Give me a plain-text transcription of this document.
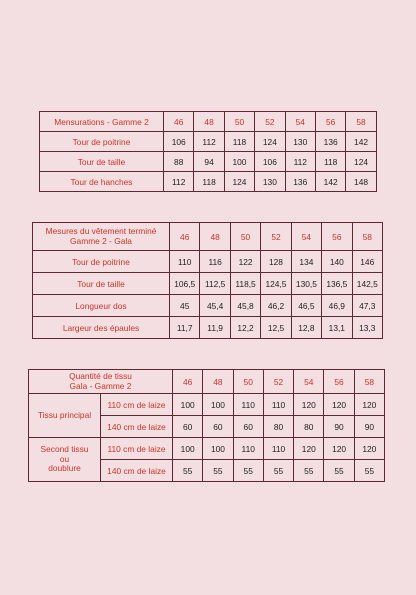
Mensurations - Gamme 2	46	48	50	52	54	56	58
Tour de poitrine	106	112	118	124	130	136	142
Tour de taille	88	94	100	106	112	118	124
Tour de hanches	112	118	124	130	136	142	148
Mesures du vêtement terminé
Gamme 2 - Gala	46	48	50	52	54	56	58
Tour de poitrine	110	116	122	128	134	140	146
Tour de taille	106,5	112,5	118,5	124,5	130,5	136,5	142,5
Longueur dos	45	45,4	45,8	46,2	46,5	46,9	47,3
Largeur des épaules	11,7	11,9	12,2	12,5	12,8	13,1	13,3
Quantité de tissu
Gala - Gamme 2		46	48	50	52	54	56	58
Tissu principal	110 cm de laize	100	100	110	110	120	120	120
	140 cm de laize	60	60	60	80	80	90	90
Second tissu
ou
doublure	110 cm de laize	100	100	110	110	120	120	120
	140 cm de laize	55	55	55	55	55	55	55
